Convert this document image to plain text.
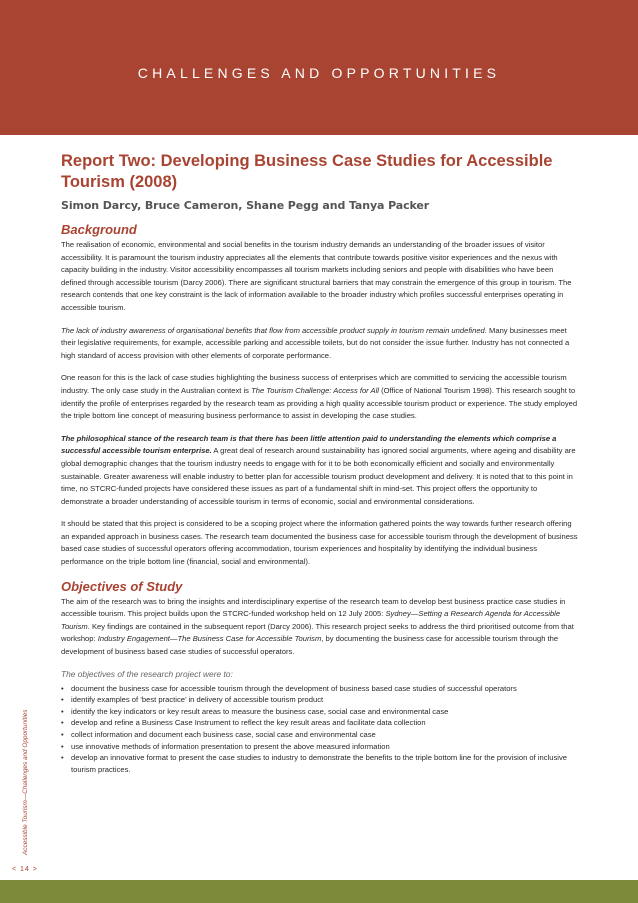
CHALLENGES AND OPPORTUNITIES
Report Two: Developing Business Case Studies for Accessible Tourism (2008)
Simon Darcy, Bruce Cameron, Shane Pegg and Tanya Packer
Background

The realisation of economic, environmental and social benefits in the tourism industry demands an understanding of the broader issues of visitor accessibility. It is paramount the tourism industry appreciates all the elements that contribute towards positive visitor experiences and the nexus with capacity building in the industry. Visitor accessibility encompasses all tourism markets including seniors and people with disabilities who have been defined through accessible tourism (Darcy 2006). There are significant structural barriers that may constrain the emergence of this group in tourism. The research contends that one key constraint is the lack of information available to the broader industry which profiles successful enterprises operating in accessible tourism.

The lack of industry awareness of organisational benefits that flow from accessible product supply in tourism remain undefined. Many businesses meet their legislative requirements, for example, accessible parking and accessible toilets, but do not consider the issue further. Industry has not connected a high standard of access provision with other elements of corporate performance.

One reason for this is the lack of case studies highlighting the business success of enterprises which are committed to servicing the accessible tourism industry. The only case study in the Australian context is The Tourism Challenge: Access for All (Office of National Tourism 1998). This research sought to identify the profile of enterprises regarded by the research team as providing a high quality accessible tourism product or experience. The study employed the triple bottom line concept of measuring business performance to assist in developing the case studies.

The philosophical stance of the research team is that there has been little attention paid to understanding the elements which comprise a successful accessible tourism enterprise. A great deal of research around sustainability has ignored social arguments, where ageing and disability are global demographic changes that the tourism industry needs to engage with for it to be both economically efficient and socially and environmentally sustainable. Greater awareness will enable industry to better plan for accessible tourism product development and delivery. It is noted that to this point in time, no STCRC-funded projects have considered these issues as part of a fundamental shift in mind-set. This project offers the opportunity to demonstrate a broader understanding of accessible tourism in terms of economic, social and environmental considerations.

It should be stated that this project is considered to be a scoping project where the information gathered points the way towards further research offering an expanded approach in business cases. The research team documented the business case for accessible tourism through the development of business based case studies of successful operators offering accommodation, tourism experiences and hospitality by identifying the individual business performance on the triple bottom line (financial, social and environmental).

Objectives of Study

The aim of the research was to bring the insights and interdisciplinary expertise of the research team to develop best business practice case studies in accessible tourism. This project builds upon the STCRC-funded workshop held on 12 July 2005: Sydney—Setting a Research Agenda for Accessible Tourism. Key findings are contained in the subsequent report (Darcy 2006). This research project seeks to address the third prioritised outcome from that workshop: Industry Engagement—The Business Case for Accessible Tourism, by documenting the business case for accessible tourism through the development of business based case studies of successful operators.

The objectives of the research project were to:
• document the business case for accessible tourism through the development of business based case studies of successful operators
• identify examples of ‘best practice’ in delivery of accessible tourism product
• identify the key indicators or key result areas to measure the business case, social case and environmental case
• develop and refine a Business Case Instrument to reflect the key result areas and facilitate data collection
• collect information and document each business case, social case and environmental case
• use innovative methods of information presentation to present the above measured information
• develop an innovative format to present the case studies to industry to demonstrate the benefits to the triple bottom line for the provision of inclusive tourism practices.
Accessible Tourism—Challenges and Opportunities
< 14 >
